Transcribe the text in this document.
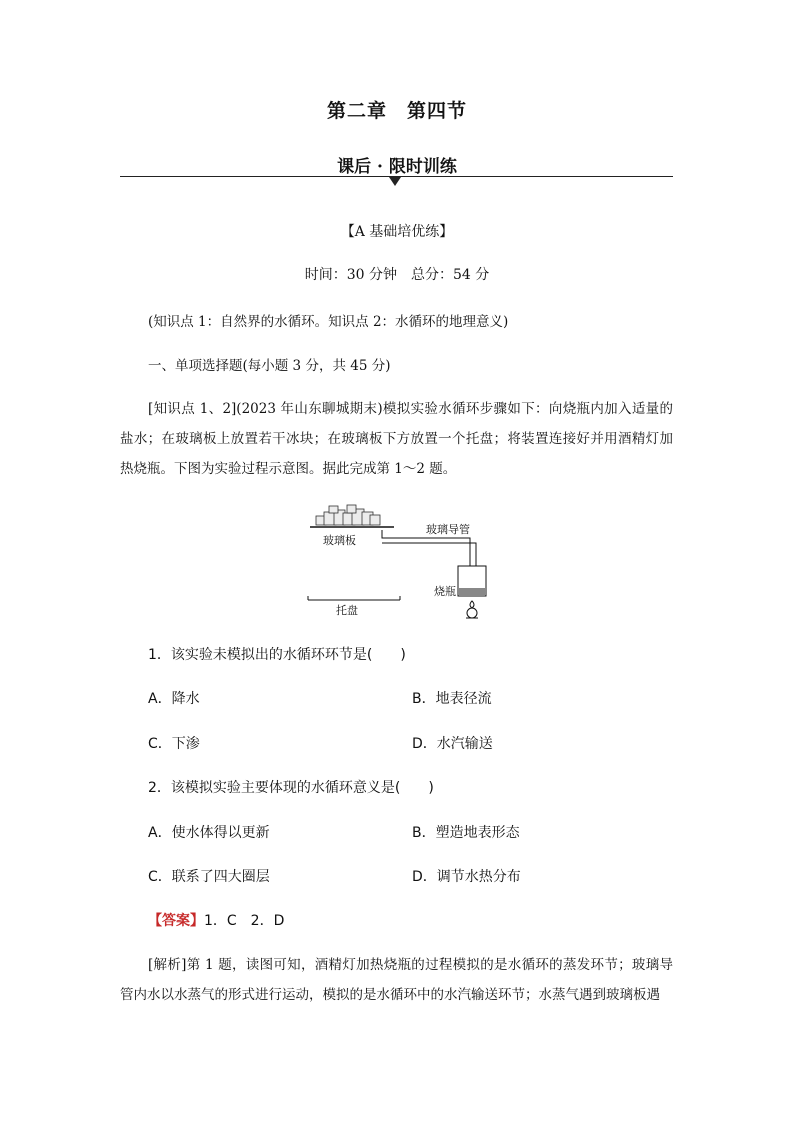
第二章 第四节
课后 · 限时训练
【A 基础培优练】
时间：30 分钟　总分：54 分
(知识点 1：自然界的水循环。知识点 2：水循环的地理意义)
一、单项选择题(每小题 3 分，共 45 分)
[知识点 1、2](2023 年山东聊城期末)模拟实验水循环步骤如下：向烧瓶内加入适量的盐水；在玻璃板上放置若干冰块；在玻璃板下方放置一个托盘；将装置连接好并用酒精灯加热烧瓶。下图为实验过程示意图。据此完成第 1～2 题。
玻璃板
玻璃导管
烧瓶
托盘
1．该实验未模拟出的水循环环节是(　　)
A．降水	B．地表径流
C．下渗	D．水汽输送
2．该模拟实验主要体现的水循环意义是(　　)
A．使水体得以更新	B．塑造地表形态
C．联系了四大圈层	D．调节水热分布
【答案】1．C　2．D
[解析]第 1 题，读图可知，酒精灯加热烧瓶的过程模拟的是水循环的蒸发环节；玻璃导管内水以水蒸气的形式进行运动，模拟的是水循环中的水汽输送环节；水蒸气遇到玻璃板遇
